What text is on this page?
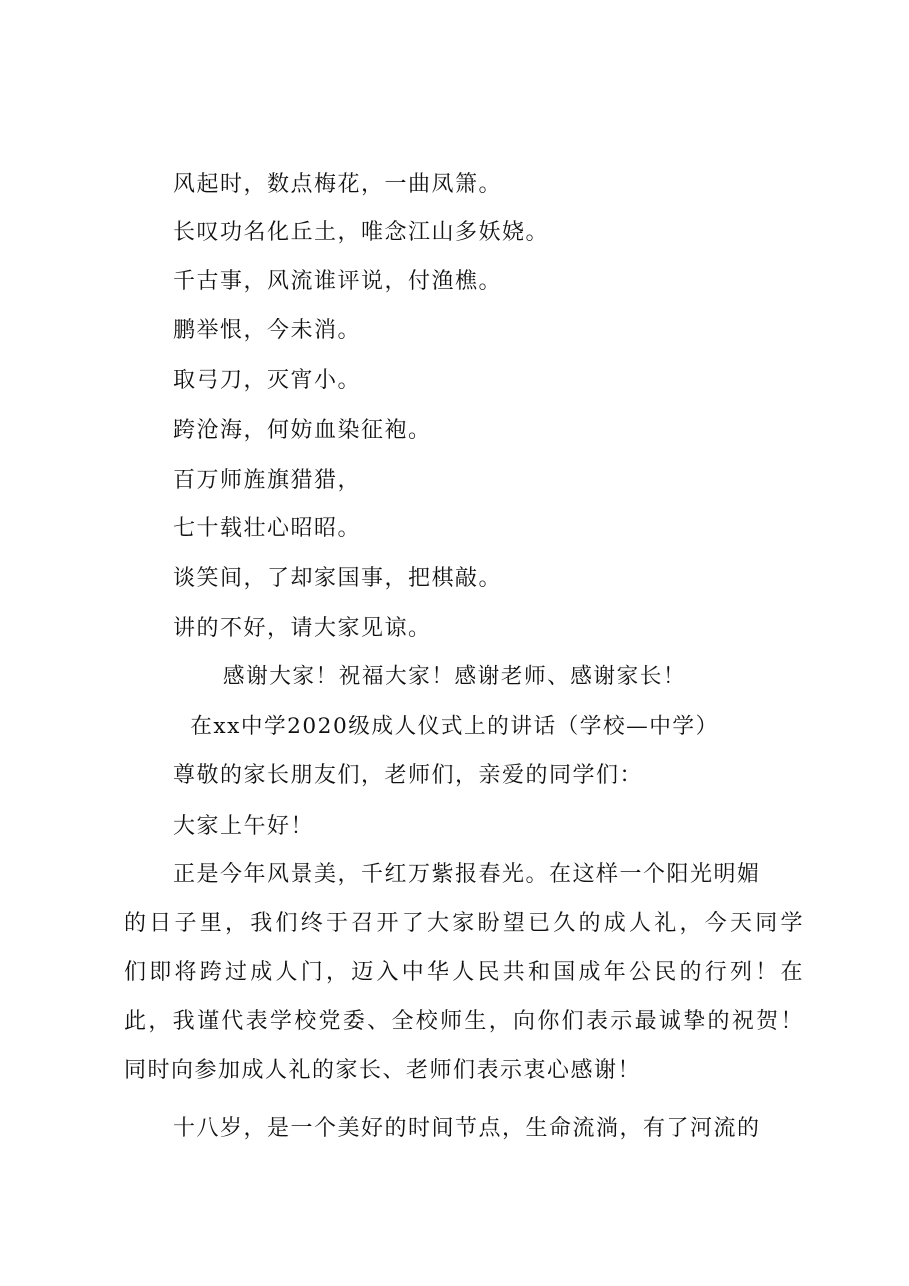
风起时，数点梅花，一曲凤箫。
长叹功名化丘土，唯念江山多妖娆。
千古事，风流谁评说，付渔樵。
鹏举恨，今未消。
取弓刀，灭宵小。
跨沧海，何妨血染征袍。
百万师旌旗猎猎，
七十载壮心昭昭。
谈笑间，了却家国事，把棋敲。
讲的不好，请大家见谅。
感谢大家！祝福大家！感谢老师、感谢家长！
在xx中学2020级成人仪式上的讲话（学校—中学）
尊敬的家长朋友们，老师们，亲爱的同学们：
大家上午好！
正是今年风景美，千红万紫报春光。在这样一个阳光明媚
的日子里，我们终于召开了大家盼望已久的成人礼，今天同学
们即将跨过成人门，迈入中华人民共和国成年公民的行列！在
此，我谨代表学校党委、全校师生，向你们表示最诚挚的祝贺！
同时向参加成人礼的家长、老师们表示衷心感谢！
十八岁，是一个美好的时间节点，生命流淌，有了河流的
